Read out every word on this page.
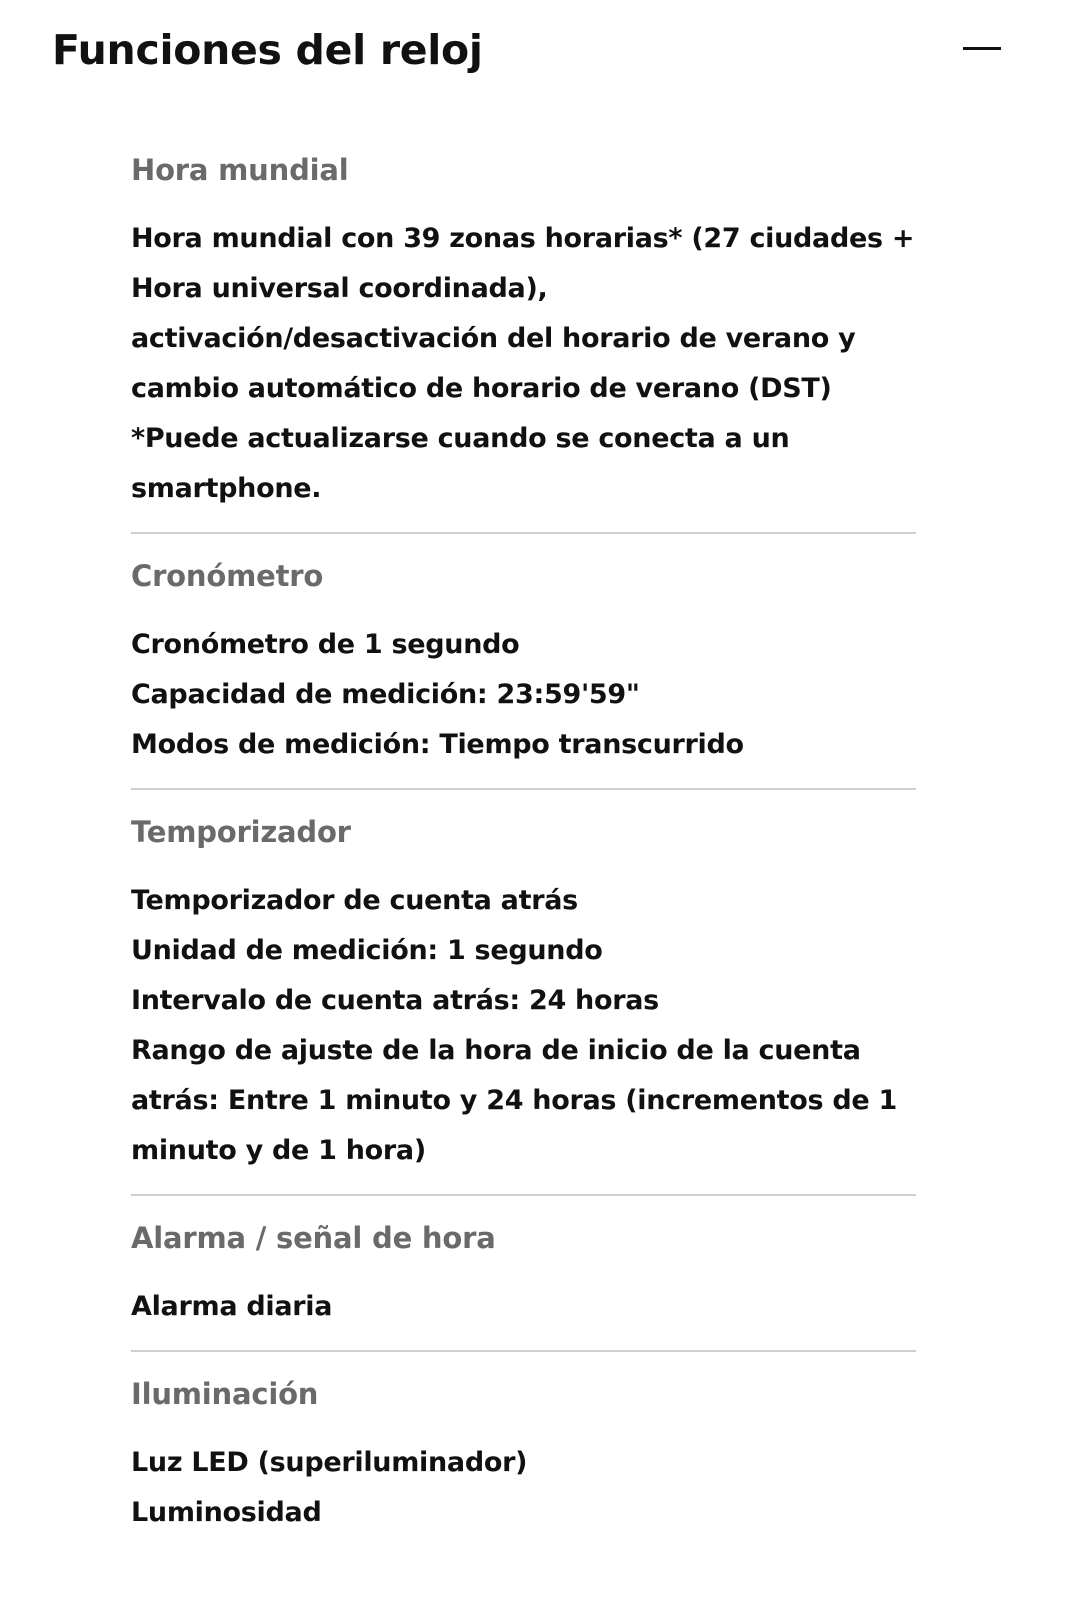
Funciones del reloj
Hora mundial
Hora mundial con 39 zonas horarias* (27 ciudades + Hora universal coordinada), activación/desactivación del horario de verano y cambio automático de horario de verano (DST) *Puede actualizarse cuando se conecta a un smartphone.
Cronómetro
Cronómetro de 1 segundo
Capacidad de medición: 23:59'59"
Modos de medición: Tiempo transcurrido
Temporizador
Temporizador de cuenta atrás
Unidad de medición: 1 segundo
Intervalo de cuenta atrás: 24 horas
Rango de ajuste de la hora de inicio de la cuenta atrás: Entre 1 minuto y 24 horas (incrementos de 1 minuto y de 1 hora)
Alarma / señal de hora
Alarma diaria
Iluminación
Luz LED (superiluminador)
Luminosidad
